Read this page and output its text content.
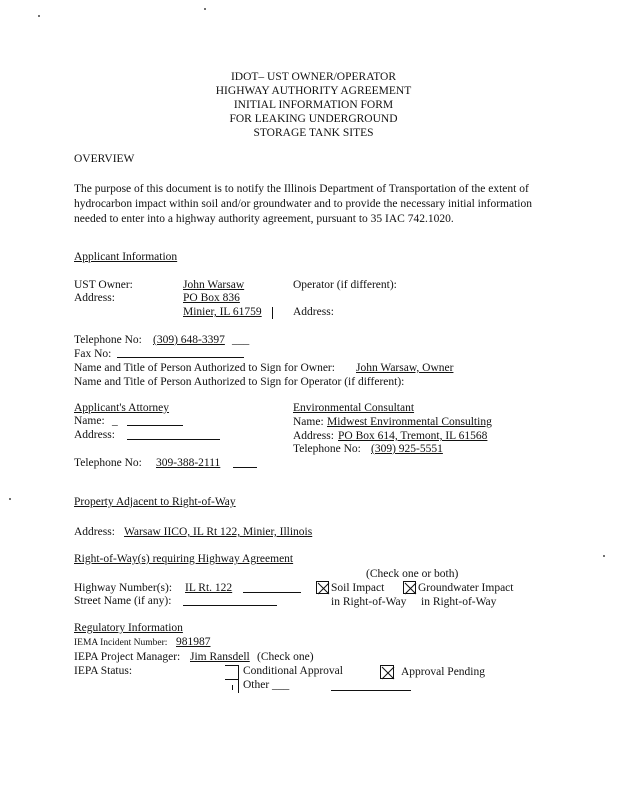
IDOT– UST OWNER/OPERATOR
HIGHWAY AUTHORITY AGREEMENT
INITIAL INFORMATION FORM
FOR LEAKING UNDERGROUND
STORAGE TANK SITES
OVERVIEW
The purpose of this document is to notify the Illinois Department of Transportation of the extent of hydrocarbon impact within soil and/or groundwater and to provide the necessary initial information needed to enter into a highway authority agreement, pursuant to 35 IAC 742.1020.
Applicant Information
UST Owner:	John Warsaw	Operator (if different):
Address:	PO Box 836
Minier, IL 61759	Address:
Telephone No: (309) 648-3397 ___
Fax No:
Name and Title of Person Authorized to Sign for Owner: John Warsaw, Owner
Name and Title of Person Authorized to Sign for Operator (if different):
Applicant's Attorney
Name: _
Address:
Telephone No:	309-388-2111
Environmental Consultant
Name: Midwest Environmental Consulting
Address: PO Box 614, Tremont, IL 61568
Telephone No: (309) 925-5551
Property Adjacent to Right-of-Way
Address: Warsaw IICO, IL Rt 122, Minier, Illinois
Right-of-Way(s) requiring Highway Agreement
(Check one or both)
Highway Number(s): IL Rt. 122	Soil Impact
in Right-of-Way
Groundwater Impact
in Right-of-Way
Street Name (if any):
Regulatory Information
IEMA Incident Number: 981987
IEPA Project Manager: Jim Ransdell (Check one)
IEPA Status:	Conditional Approval	Approval Pending
Other ___
